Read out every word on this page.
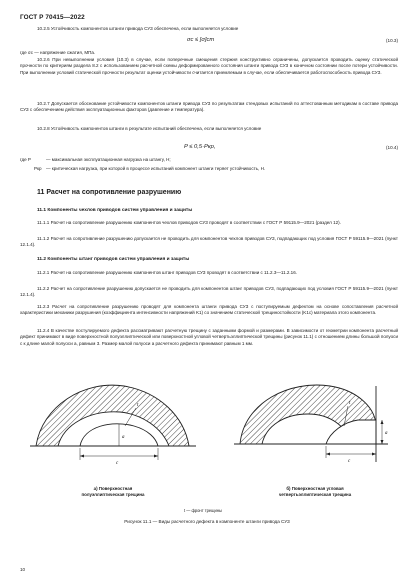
ГОСТ Р 70415—2022
10.2.5 Устойчивость компонентов штанги привода СУЗ обеспечена, если выполняется условие
σс ≤ [σ]ст	(10.3)
где σс — напряжение сжатия, МПа.
10.2.6 При невыполнении условия (10.3) в случае, если поперечные смещения стержня конструктивно ограничены, допускается проводить оценку статической прочности по критериям раздела 8.2 с использованием расчетной схемы деформированного состояния штанги привода СУЗ в конечном состоянии после потери устойчивости. При выполнении условий статической прочности результат оценки устойчивости считается приемлемым в случае, если обеспечивается работоспособность привода СУЗ.
10.2.7 Допускается обоснование устойчивости компонентов штанги привода СУЗ по результатам стендовых испытаний по аттестованным методикам в составе привода СУЗ с обеспечением действия эксплуатационных факторов (давление и температура).
10.2.8 Устойчивость компонентов штанги в результате испытаний обеспечена, если выполняется условие
P ≤ 0,5·Pкр,	(10.4)
где P	— максимальная эксплуатационная нагрузка на штангу, Н;
Pкр — критическая нагрузка, при которой в процессе испытаний компонент штанги теряет устойчивость, Н.
11 Расчет на сопротивление разрушению
11.1 Компоненты чехлов приводов систем управления и защиты
11.1.1 Расчет на сопротивление разрушению компонентов чехлов приводов СУЗ проводят в соответствии с ГОСТ Р 59115.9—2021 (раздел 12).
11.1.2 Расчет на сопротивление разрушению допускается не проводить для компонентов чехлов приводов СУЗ, подпадающих под условия ГОСТ Р 59115.9—2021 (пункт 12.1.4).
11.2 Компоненты штанг приводов систем управления и защиты
11.2.1 Расчет на сопротивление разрушению компонентов штанг приводов СУЗ проводят в соответствии с 11.2.3—11.2.16.
11.2.2 Расчет на сопротивление разрушению допускается не проводить для компонентов штанг приводов СУЗ, подпадающих под условия ГОСТ Р 59115.9—2021 (пункт 12.1.4).
11.2.3 Расчет на сопротивление разрушению проводят для компонента штанги привода СУЗ с постулируемым дефектом на основе сопоставления расчетной характеристики механики разрушения (коэффициента интенсивности напряжений K1) со значением статической трещиностойкости (K1c) материала этого компонента.
11.2.4 В качестве постулируемого дефекта рассматривают расчетную трещину с заданными формой и размерами. В зависимости от геометрии компонента расчетный дефект принимают в виде поверхностной полуэллиптической или поверхностной угловой четвертьэллиптической трещины (рисунок 11.1) с отношением длины большой полуоси с к длине малой полуоси а, равным 3. Размер малой полуоси а расчетного дефекта принимают равным 1 мм.
с
а
t
с
а
t
а) Поверхностная
полуэллиптическая трещина
б) Поверхностная угловая
четвертьэллиптическая трещина
t — фронт трещины
Рисунок 11.1 — Виды расчетного дефекта в компоненте штанги привода СУЗ
10
